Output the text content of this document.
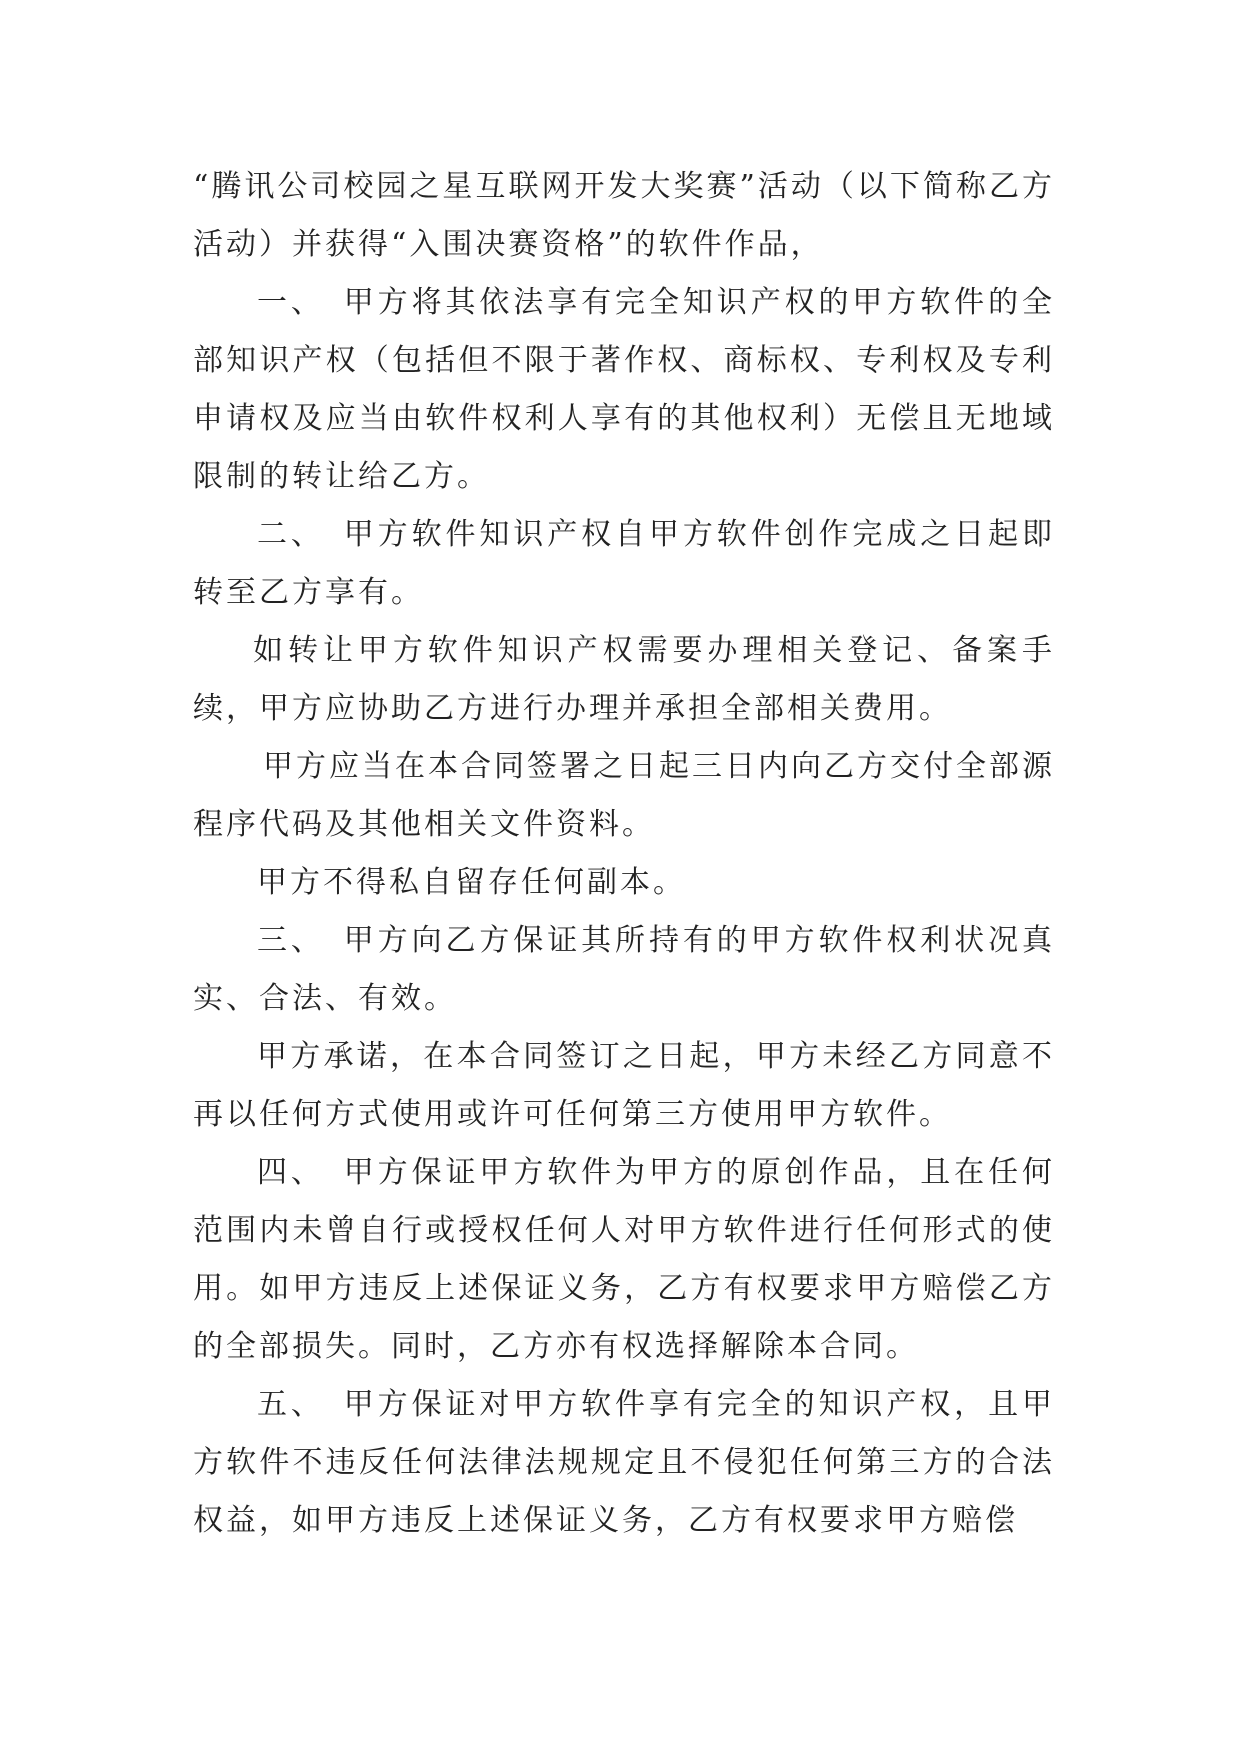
“腾讯公司校园之星互联网开发大奖赛”活动（以下简称乙方活动）并获得“入围决赛资格”的软件作品，

一、　甲方将其依法享有完全知识产权的甲方软件的全部知识产权（包括但不限于著作权、商标权、专利权及专利申请权及应当由软件权利人享有的其他权利）无偿且无地域限制的转让给乙方。

二、　甲方软件知识产权自甲方软件创作完成之日起即转至乙方享有。

如转让甲方软件知识产权需要办理相关登记、备案手续，甲方应协助乙方进行办理并承担全部相关费用。

甲方应当在本合同签署之日起三日内向乙方交付全部源程序代码及其他相关文件资料。

甲方不得私自留存任何副本。

三、　甲方向乙方保证其所持有的甲方软件权利状况真实、合法、有效。

甲方承诺，在本合同签订之日起，甲方未经乙方同意不再以任何方式使用或许可任何第三方使用甲方软件。

四、　甲方保证甲方软件为甲方的原创作品，且在任何范围内未曾自行或授权任何人对甲方软件进行任何形式的使用。如甲方违反上述保证义务，乙方有权要求甲方赔偿乙方的全部损失。同时，乙方亦有权选择解除本合同。

五、　甲方保证对甲方软件享有完全的知识产权，且甲方软件不违反任何法律法规规定且不侵犯任何第三方的合法权益，如甲方违反上述保证义务，乙方有权要求甲方赔偿
